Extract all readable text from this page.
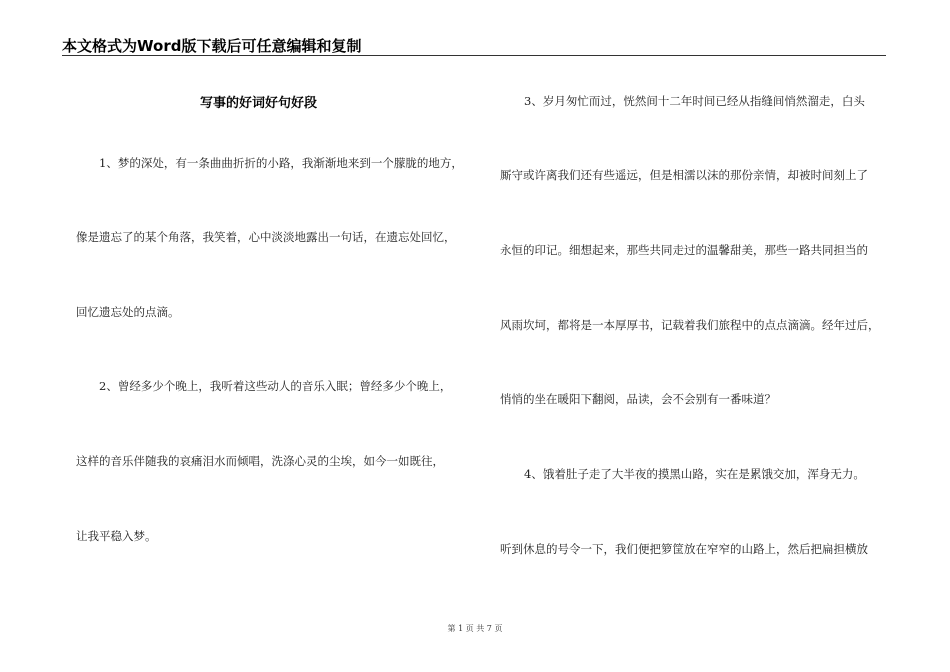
本文格式为Word版下载后可任意编辑和复制
写事的好词好句好段
1、梦的深处，有一条曲曲折折的小路，我渐渐地来到一个朦胧的地方，
像是遗忘了的某个角落，我笑着，心中淡淡地露出一句话，在遗忘处回忆，
回忆遗忘处的点滴。
2、曾经多少个晚上，我听着这些动人的音乐入眠；曾经多少个晚上，
这样的音乐伴随我的哀痛泪水而倾唱，洗涤心灵的尘埃，如今一如既往，
让我平稳入梦。
3、岁月匆忙而过，恍然间十二年时间已经从指缝间悄然溜走，白头
厮守或许离我们还有些遥远，但是相濡以沫的那份亲情，却被时间刻上了
永恒的印记。细想起来，那些共同走过的温馨甜美，那些一路共同担当的
风雨坎坷，都将是一本厚厚书，记载着我们旅程中的点点滴滴。经年过后，
悄悄的坐在暖阳下翻阅，品读，会不会别有一番味道？
4、饿着肚子走了大半夜的摸黑山路，实在是累饿交加，浑身无力。
听到休息的号令一下，我们便把箩筐放在窄窄的山路上，然后把扁担横放
第 1 页 共 7 页
